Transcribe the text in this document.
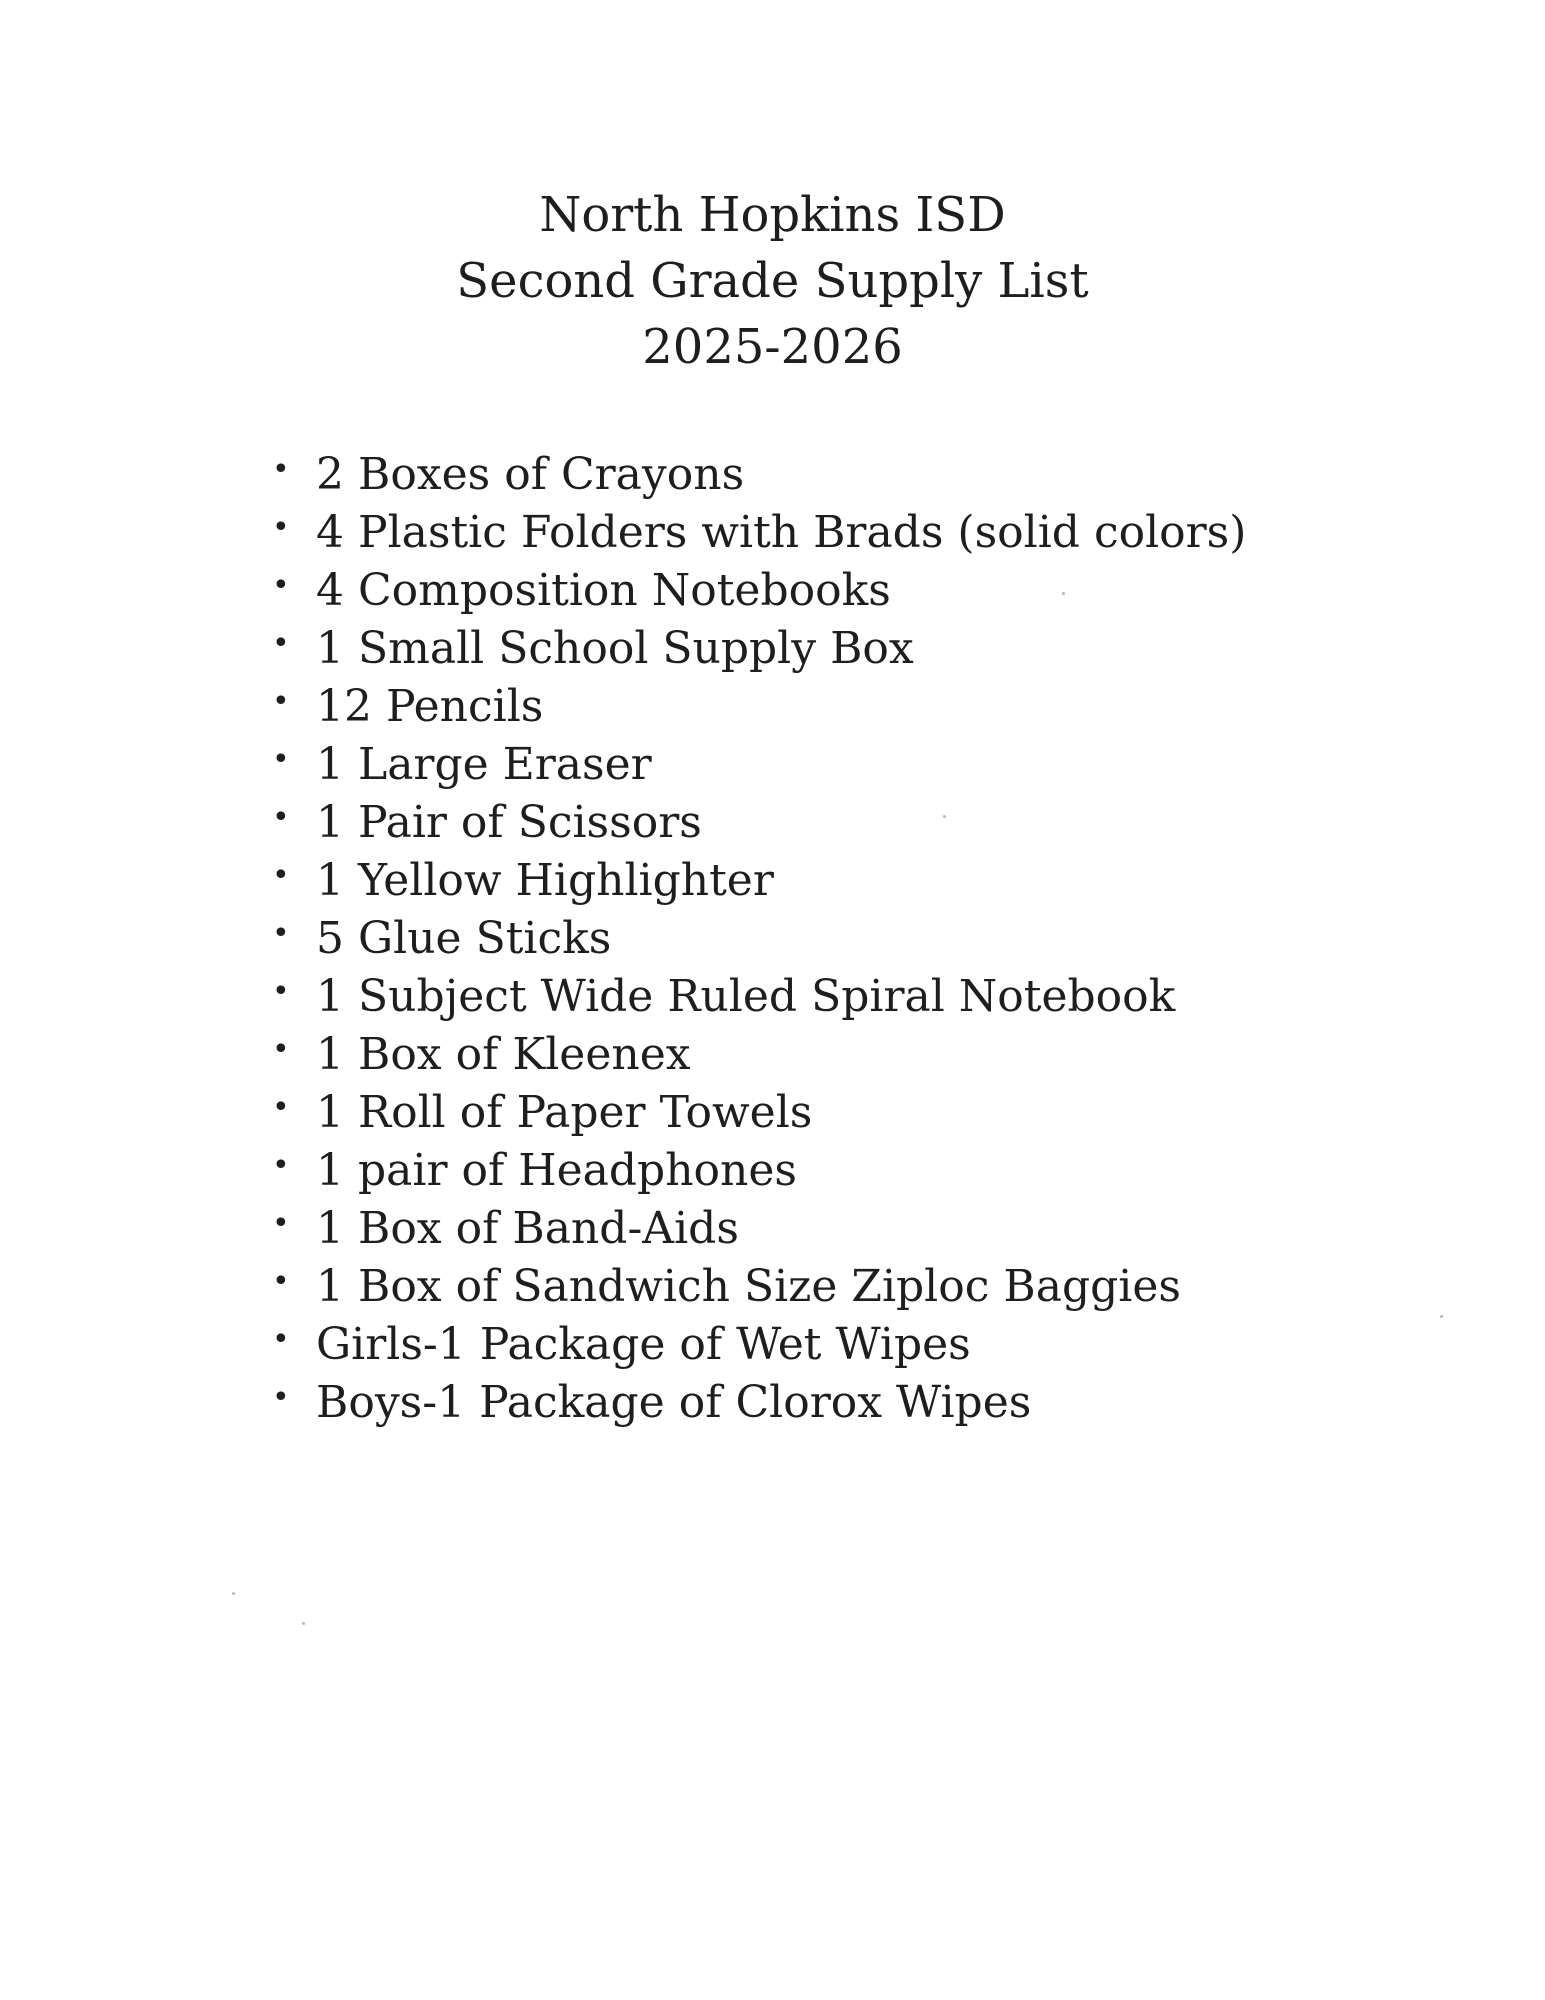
North Hopkins ISD
Second Grade Supply List
2025-2026
• 2 Boxes of Crayons
• 4 Plastic Folders with Brads (solid colors)
• 4 Composition Notebooks
• 1 Small School Supply Box
• 12 Pencils
• 1 Large Eraser
• 1 Pair of Scissors
• 1 Yellow Highlighter
• 5 Glue Sticks
• 1 Subject Wide Ruled Spiral Notebook
• 1 Box of Kleenex
• 1 Roll of Paper Towels
• 1 pair of Headphones
• 1 Box of Band-Aids
• 1 Box of Sandwich Size Ziploc Baggies
• Girls-1 Package of Wet Wipes
• Boys-1 Package of Clorox Wipes
